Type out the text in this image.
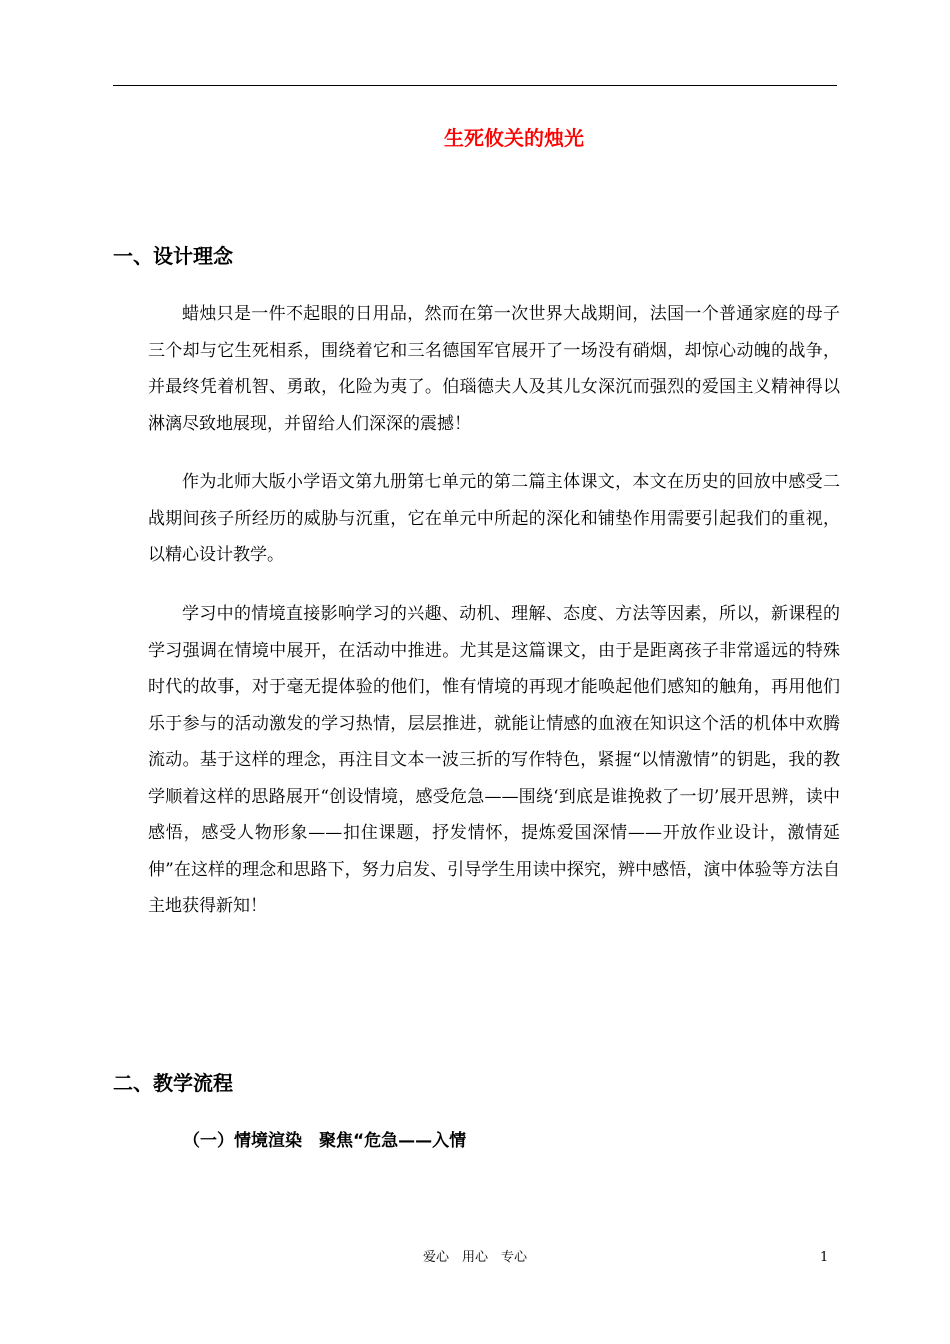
生死攸关的烛光
一、设计理念

蜡烛只是一件不起眼的日用品，然而在第一次世界大战期间，法国一个普通家庭的母子三个却与它生死相系，围绕着它和三名德国军官展开了一场没有硝烟，却惊心动魄的战争，并最终凭着机智、勇敢，化险为夷了。伯瑙德夫人及其儿女深沉而强烈的爱国主义精神得以淋漓尽致地展现，并留给人们深深的震撼！

作为北师大版小学语文第九册第七单元的第二篇主体课文，本文在历史的回放中感受二战期间孩子所经历的威胁与沉重，它在单元中所起的深化和铺垫作用需要引起我们的重视，以精心设计教学。

学习中的情境直接影响学习的兴趣、动机、理解、态度、方法等因素，所以，新课程的学习强调在情境中展开，在活动中推进。尤其是这篇课文，由于是距离孩子非常遥远的特殊时代的故事，对于毫无提体验的他们，惟有情境的再现才能唤起他们感知的触角，再用他们乐于参与的活动激发的学习热情，层层推进，就能让情感的血液在知识这个活的机体中欢腾流动。基于这样的理念，再注目文本一波三折的写作特色，紧握“以情激情”的钥匙，我的教学顺着这样的思路展开“创设情境，感受危急——围绕‘到底是谁挽救了一切’展开思辨，读中感悟，感受人物形象——扣住课题，抒发情怀，提炼爱国深情——开放作业设计，激情延伸”在这样的理念和思路下，努力启发、引导学生用读中探究，辨中感悟，演中体验等方法自主地获得新知！

二、教学流程
（一）情境渲染　聚焦“危急——入情
爱心　用心　专心	1
